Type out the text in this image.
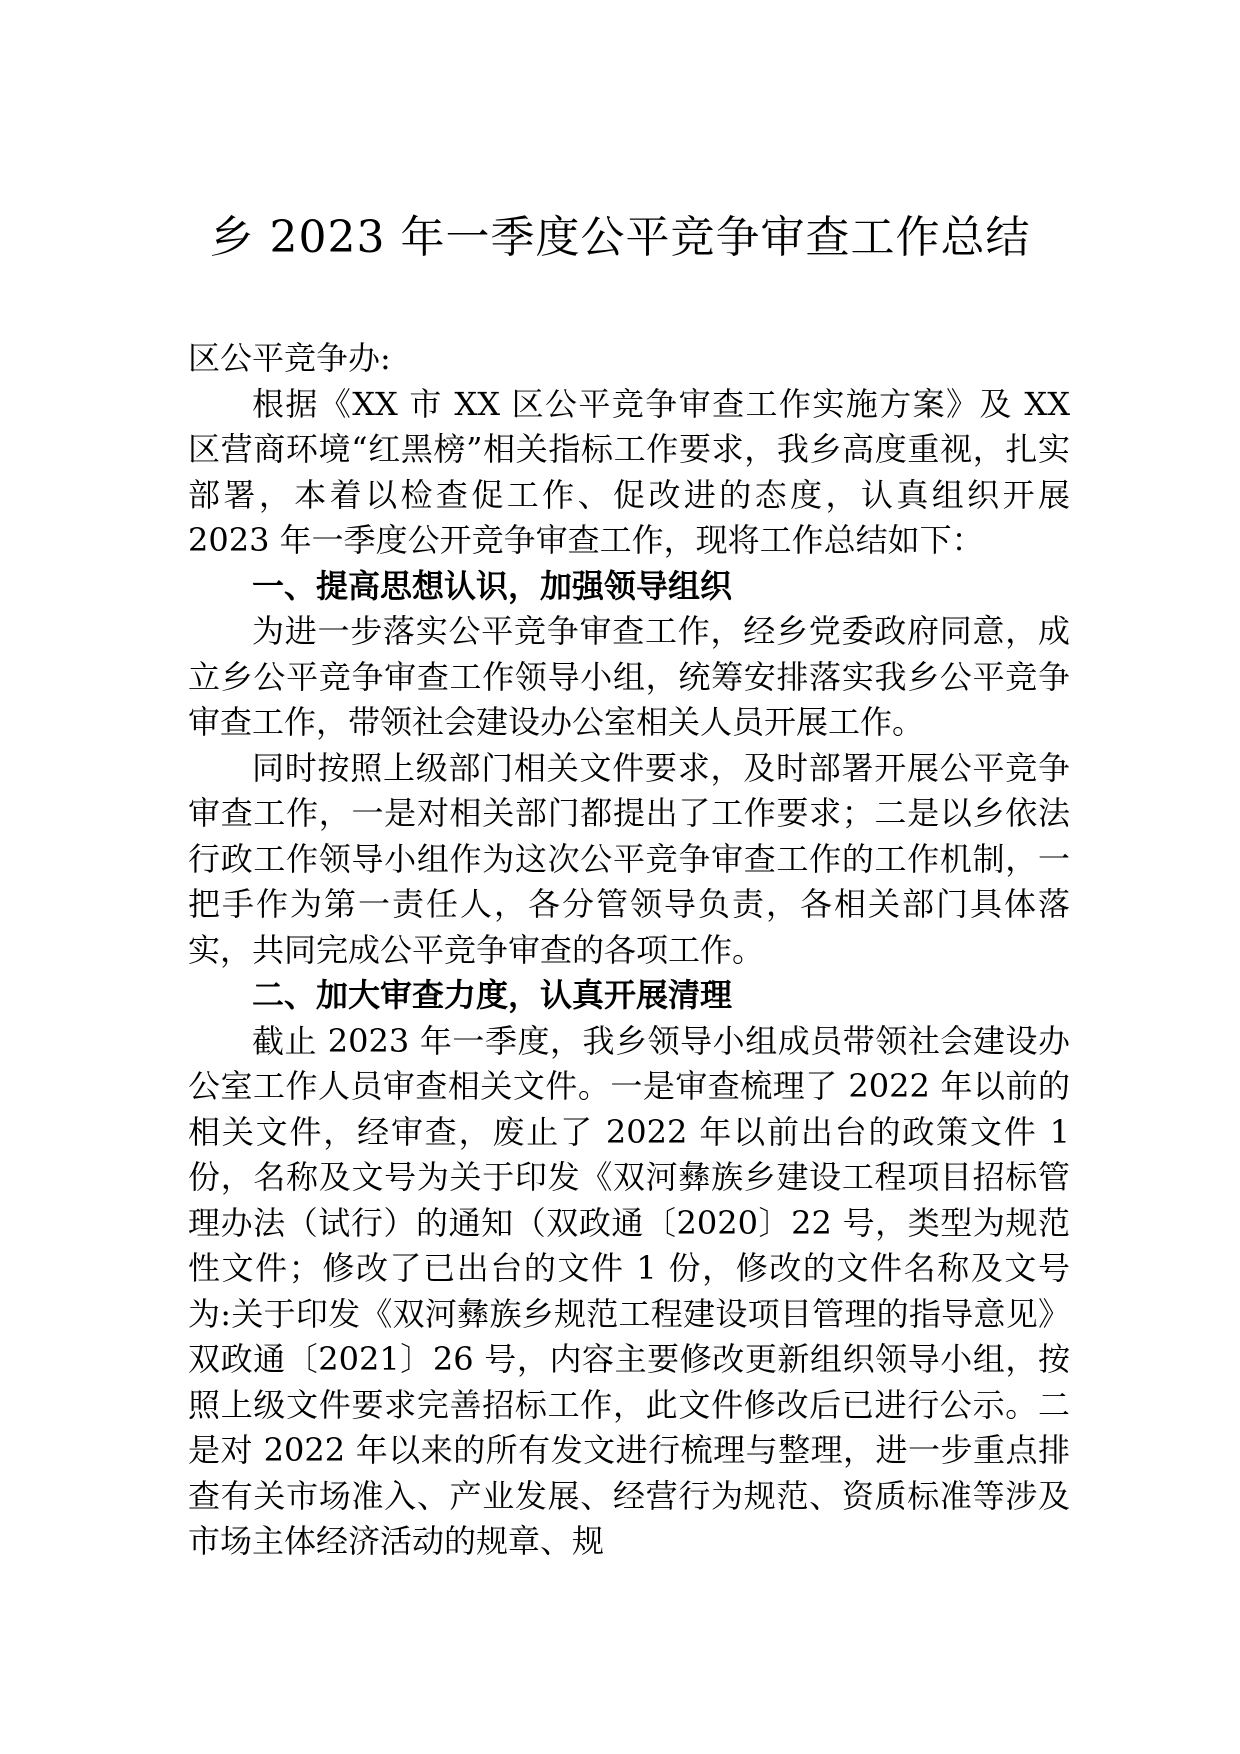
乡 2023 年一季度公平竞争审查工作总结

区公平竞争办:

根据《XX 市 XX 区公平竞争审查工作实施方案》及 XX 区营商环境“红黑榜”相关指标工作要求，我乡高度重视，扎实部署，本着以检查促工作、促改进的态度，认真组织开展 2023 年一季度公开竞争审查工作，现将工作总结如下：

一、提高思想认识，加强领导组织

为进一步落实公平竞争审查工作，经乡党委政府同意，成立乡公平竞争审查工作领导小组，统筹安排落实我乡公平竞争审查工作，带领社会建设办公室相关人员开展工作。

同时按照上级部门相关文件要求，及时部署开展公平竞争审查工作，一是对相关部门都提出了工作要求；二是以乡依法行政工作领导小组作为这次公平竞争审查工作的工作机制，一把手作为第一责任人，各分管领导负责，各相关部门具体落实，共同完成公平竞争审查的各项工作。

二、加大审查力度，认真开展清理

截止 2023 年一季度，我乡领导小组成员带领社会建设办公室工作人员审查相关文件。一是审查梳理了 2022 年以前的相关文件，经审查，废止了 2022 年以前出台的政策文件 1 份，名称及文号为关于印发《双河彝族乡建设工程项目招标管理办法（试行）的通知（双政通〔2020〕22 号，类型为规范性文件；修改了已出台的文件 1 份，修改的文件名称及文号为:关于印发《双河彝族乡规范工程建设项目管理的指导意见》双政通〔2021〕26 号，内容主要修改更新组织领导小组，按照上级文件要求完善招标工作，此文件修改后已进行公示。二是对 2022 年以来的所有发文进行梳理与整理，进一步重点排查有关市场准入、产业发展、经营行为规范、资质标准等涉及市场主体经济活动的规章、规
